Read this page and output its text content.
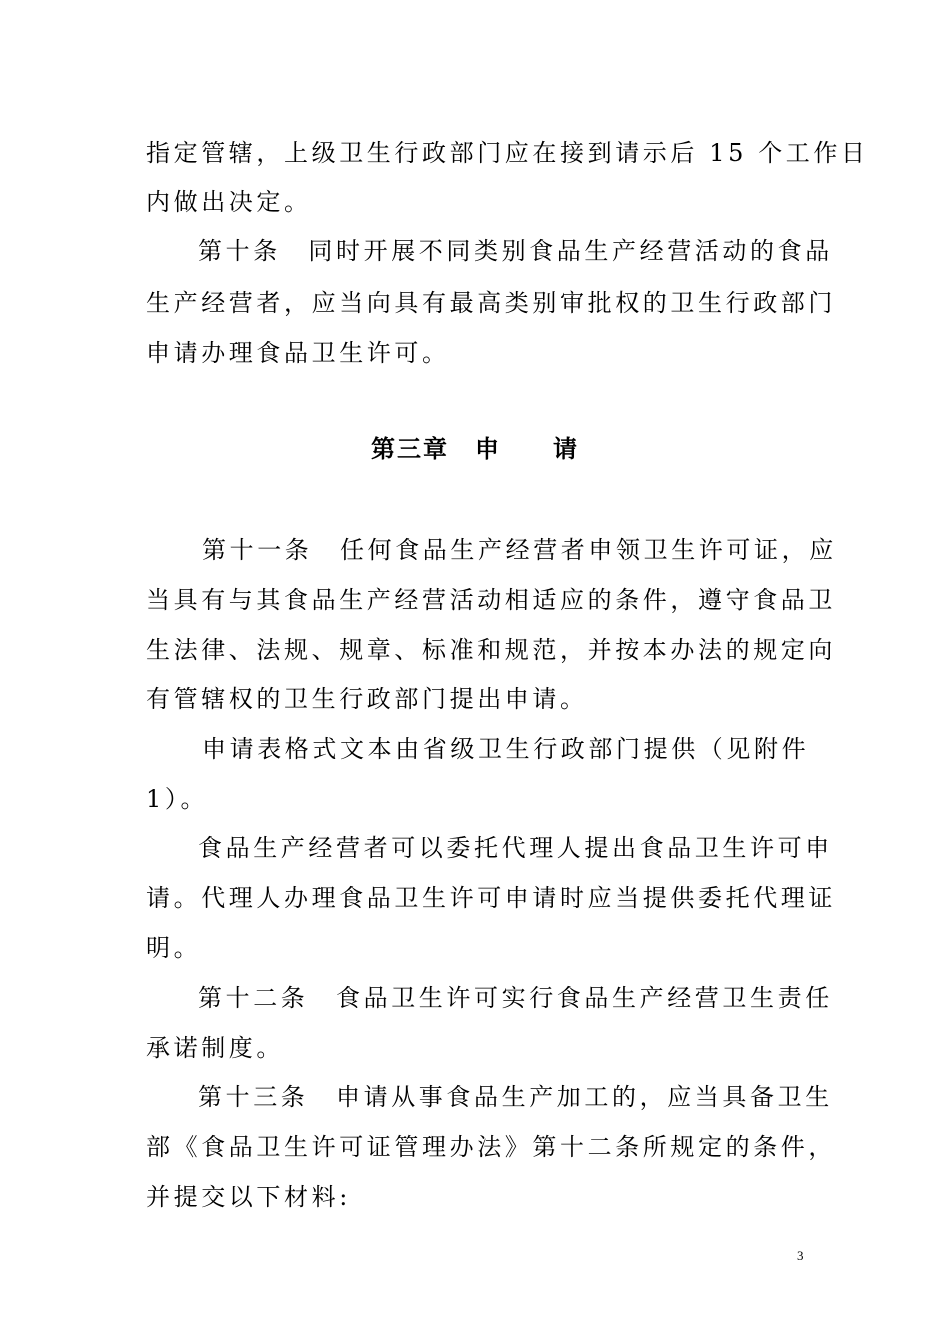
指定管辖，上级卫生行政部门应在接到请示后 15 个工作日
内做出决定。
第十条　同时开展不同类别食品生产经营活动的食品
生产经营者，应当向具有最高类别审批权的卫生行政部门
申请办理食品卫生许可。
第三章　申　　请
第十一条　任何食品生产经营者申领卫生许可证，应
当具有与其食品生产经营活动相适应的条件，遵守食品卫
生法律、法规、规章、标准和规范，并按本办法的规定向
有管辖权的卫生行政部门提出申请。
申请表格式文本由省级卫生行政部门提供（见附件
1）。
食品生产经营者可以委托代理人提出食品卫生许可申
请。代理人办理食品卫生许可申请时应当提供委托代理证
明。
第十二条　食品卫生许可实行食品生产经营卫生责任
承诺制度。
第十三条　申请从事食品生产加工的，应当具备卫生
部《食品卫生许可证管理办法》第十二条所规定的条件，
并提交以下材料:
3
